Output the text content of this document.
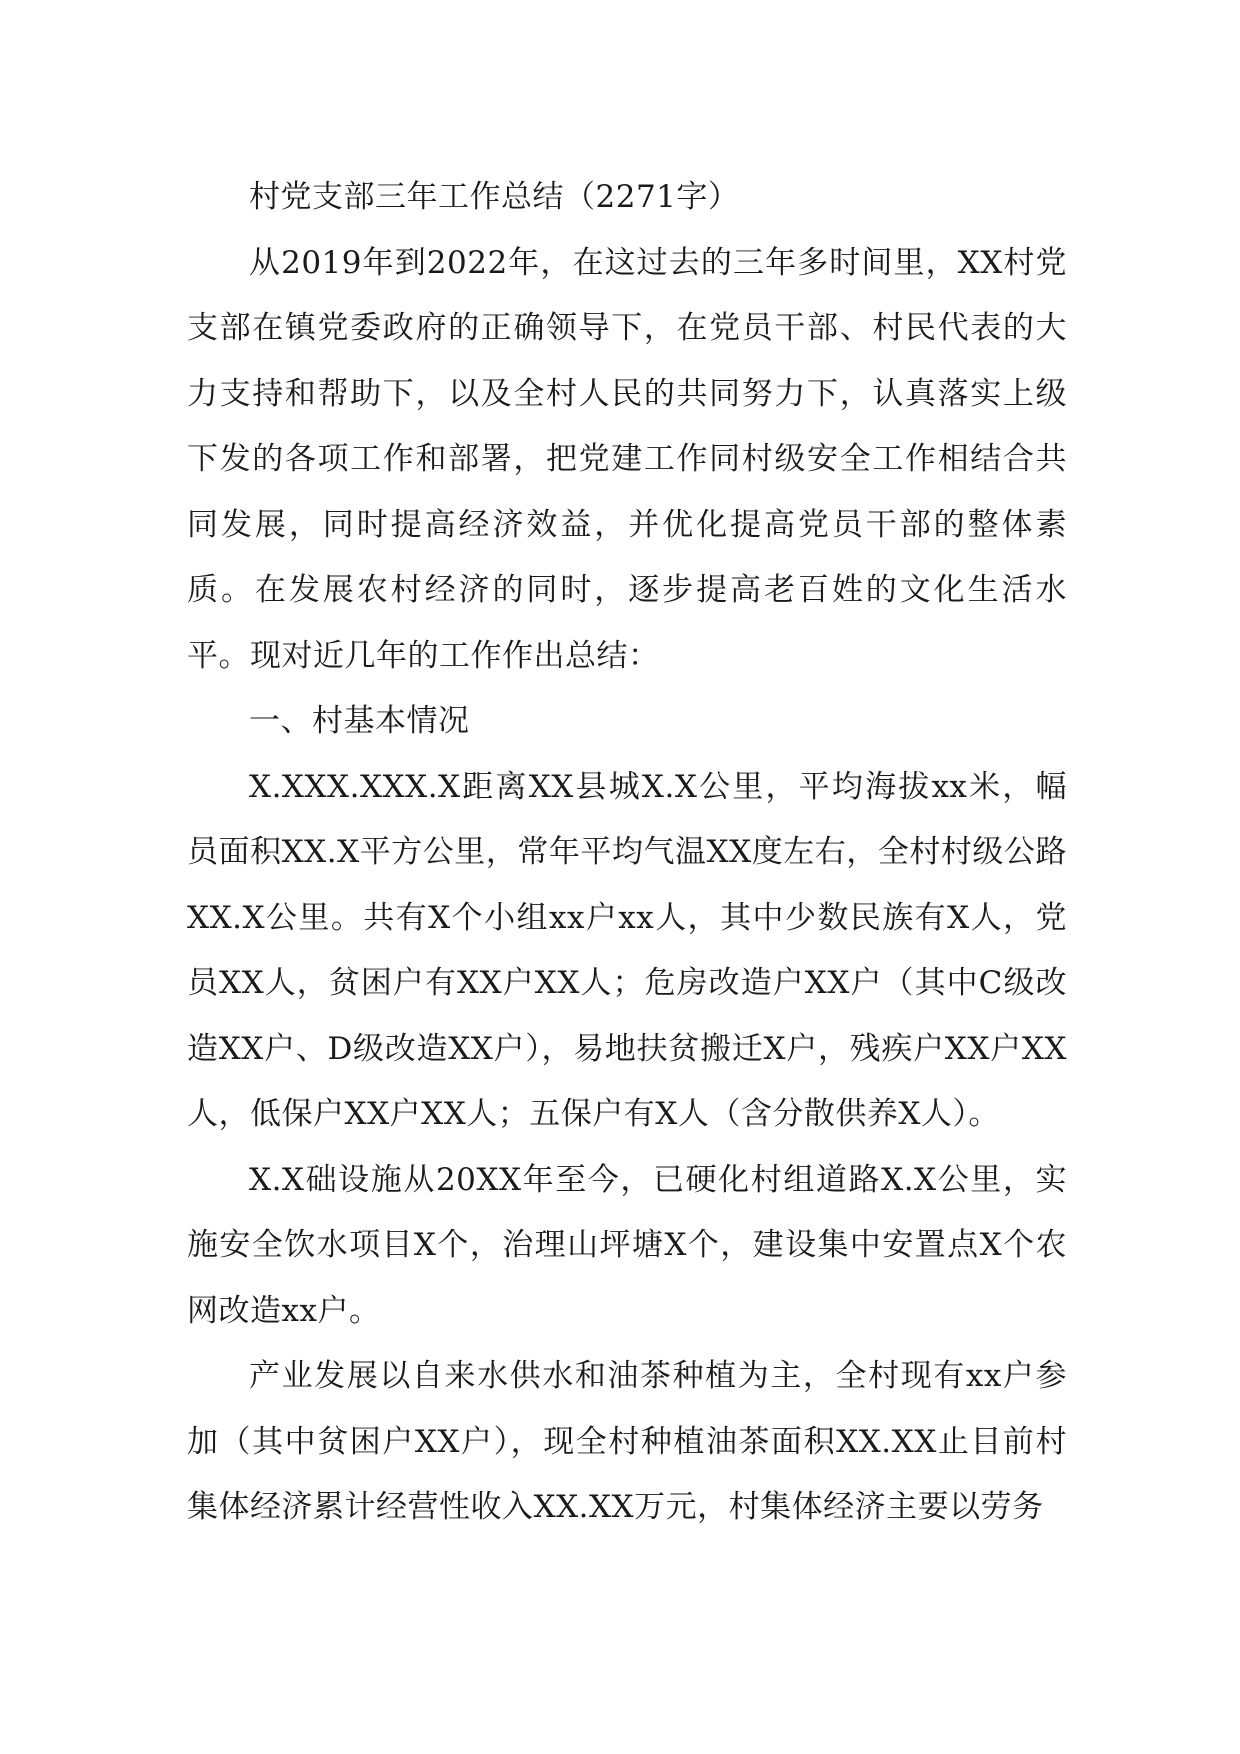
村党支部三年工作总结（2271字）

从2019年到2022年，在这过去的三年多时间里，XX村党支部在镇党委政府的正确领导下，在党员干部、村民代表的大力支持和帮助下，以及全村人民的共同努力下，认真落实上级下发的各项工作和部署，把党建工作同村级安全工作相结合共同发展，同时提高经济效益，并优化提高党员干部的整体素质。在发展农村经济的同时，逐步提高老百姓的文化生活水平。现对近几年的工作作出总结：

一、村基本情况

X.XXX.XXX.X距离XX县城X.X公里，平均海拔xx米，幅员面积XX.X平方公里，常年平均气温XX度左右，全村村级公路XX.X公里。共有X个小组xx户xx人，其中少数民族有X人，党员XX人，贫困户有XX户XX人；危房改造户XX户（其中C级改造XX户、D级改造XX户），易地扶贫搬迁X户，残疾户XX户XX人，低保户XX户XX人；五保户有X人（含分散供养X人）。

X.X础设施从20XX年至今，已硬化村组道路X.X公里，实施安全饮水项目X个，治理山坪塘X个，建设集中安置点X个农网改造xx户。

产业发展以自来水供水和油茶种植为主，全村现有xx户参加（其中贫困户XX户），现全村种植油茶面积XX.XX止目前村集体经济累计经营性收入XX.XX万元，村集体经济主要以劳务
